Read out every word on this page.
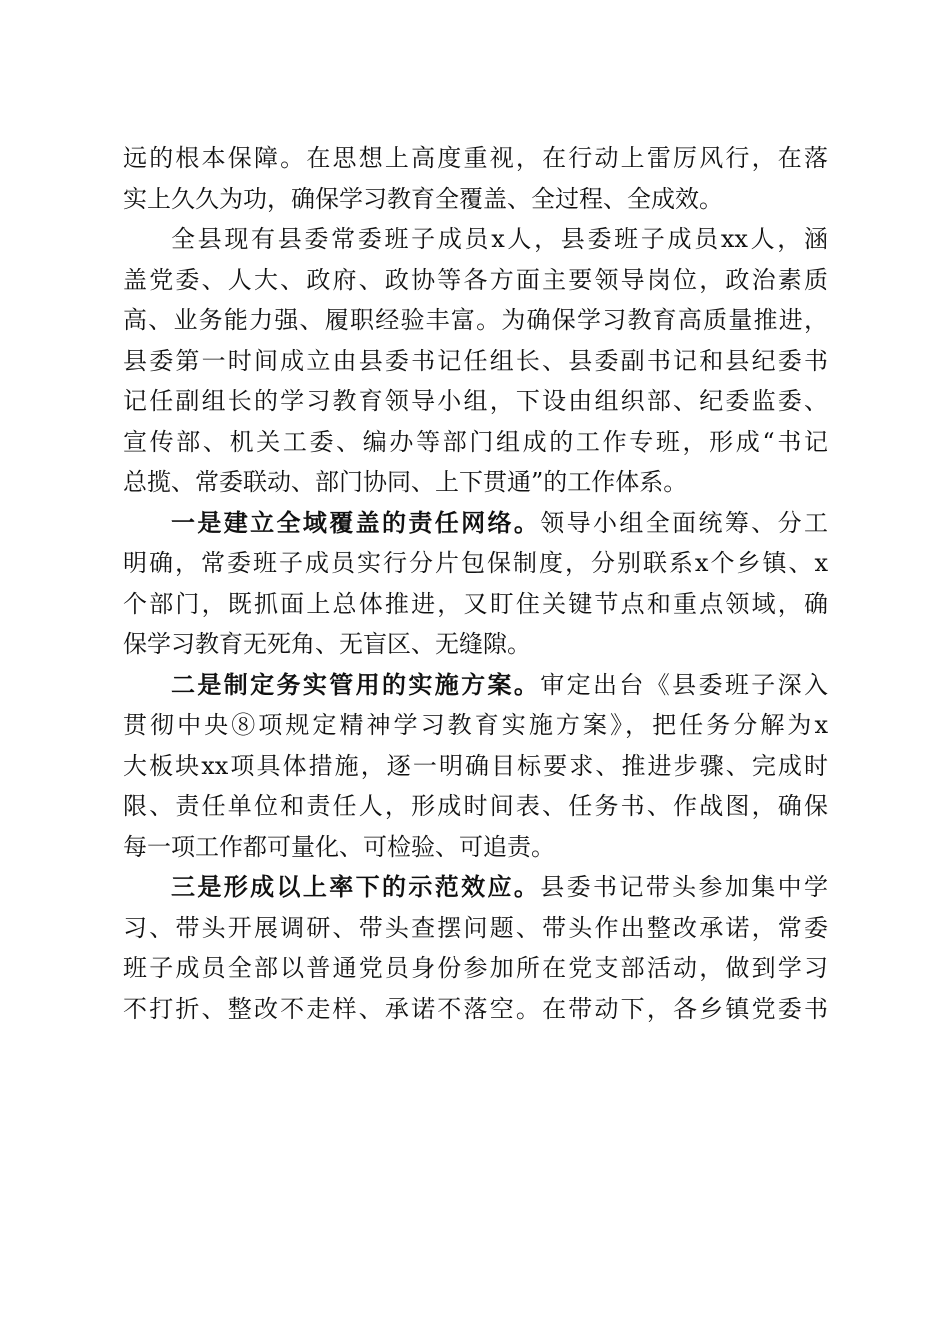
远的根本保障。在思想上高度重视，在行动上雷厉风行，在落
实上久久为功，确保学习教育全覆盖、全过程、全成效。
全县现有县委常委班子成员x人，县委班子成员xx人，涵
盖党委、人大、政府、政协等各方面主要领导岗位，政治素质
高、业务能力强、履职经验丰富。为确保学习教育高质量推进，
县委第一时间成立由县委书记任组长、县委副书记和县纪委书
记任副组长的学习教育领导小组，下设由组织部、纪委监委、
宣传部、机关工委、编办等部门组成的工作专班，形成“书记
总揽、常委联动、部门协同、上下贯通”的工作体系。
一是建立全域覆盖的责任网络。领导小组全面统筹、分工
明确，常委班子成员实行分片包保制度，分别联系x个乡镇、x
个部门，既抓面上总体推进，又盯住关键节点和重点领域，确
保学习教育无死角、无盲区、无缝隙。
二是制定务实管用的实施方案。审定出台《县委班子深入
贯彻中央⑧项规定精神学习教育实施方案》，把任务分解为x
大板块xx项具体措施，逐一明确目标要求、推进步骤、完成时
限、责任单位和责任人，形成时间表、任务书、作战图，确保
每一项工作都可量化、可检验、可追责。
三是形成以上率下的示范效应。县委书记带头参加集中学
习、带头开展调研、带头查摆问题、带头作出整改承诺，常委
班子成员全部以普通党员身份参加所在党支部活动，做到学习
不打折、整改不走样、承诺不落空。在带动下，各乡镇党委书
